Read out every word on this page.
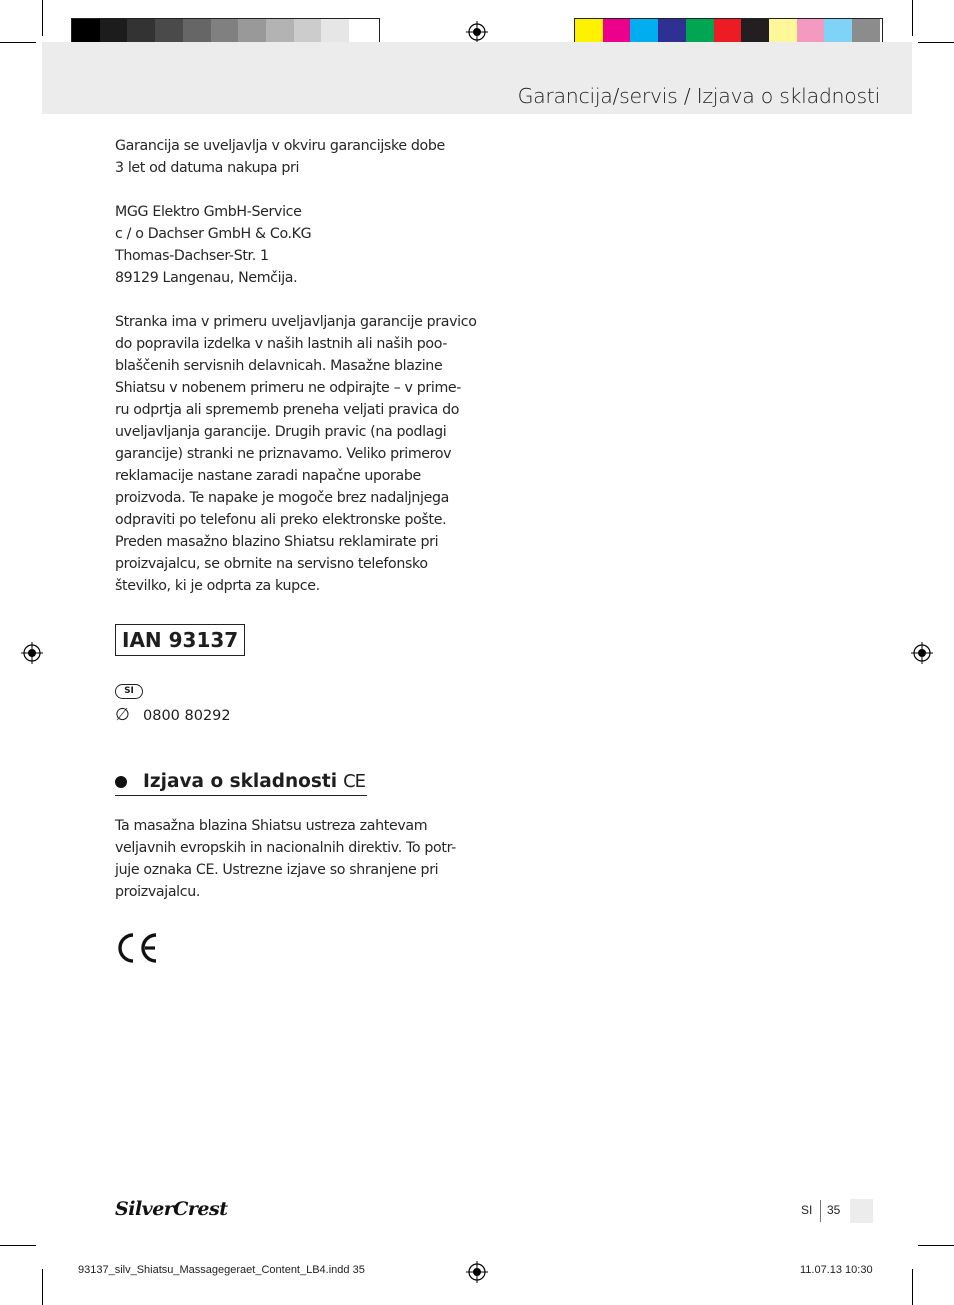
Garancija/servis / Izjava o skladnosti

Garancija se uveljavlja v okviru garancijske dobe

3 let od datuma nakupa pri

MGG Elektro GmbH-Service

c / o Dachser GmbH & Co.KG

Thomas-Dachser-Str. 1

89129 Langenau, Nemčija.

Stranka ima v primeru uveljavljanja garancije pravico

do popravila izdelka v naših lastnih ali naših poo-

blaščenih servisnih delavnicah. Masažne blazine

Shiatsu v nobenem primeru ne odpirajte – v prime-

ru odprtja ali sprememb preneha veljati pravica do

uveljavljanja garancije. Drugih pravic (na podlagi

garancije) stranki ne priznavamo. Veliko primerov

reklamacije nastane zaradi napačne uporabe

proizvoda. Te napake je mogoče brez nadaljnjega

odpraviti po telefonu ali preko elektronske pošte.

Preden masažno blazino Shiatsu reklamirate pri

proizvajalcu, se obrnite na servisno telefonsko

številko, ki je odprta za kupce.

IAN 93137
SI
∅ 0800 80292
Izjava o skladnosti CE

Ta masažna blazina Shiatsu ustreza zahtevam

veljavnih evropskih in nacionalnih direktiv. To potr-

juje oznaka CE. Ustrezne izjave so shranjene pri

proizvajalcu.

SilverCrest	SI 35
93137_silv_Shiatsu_Massagegeraet_Content_LB4.indd 35	11.07.13 10:30
